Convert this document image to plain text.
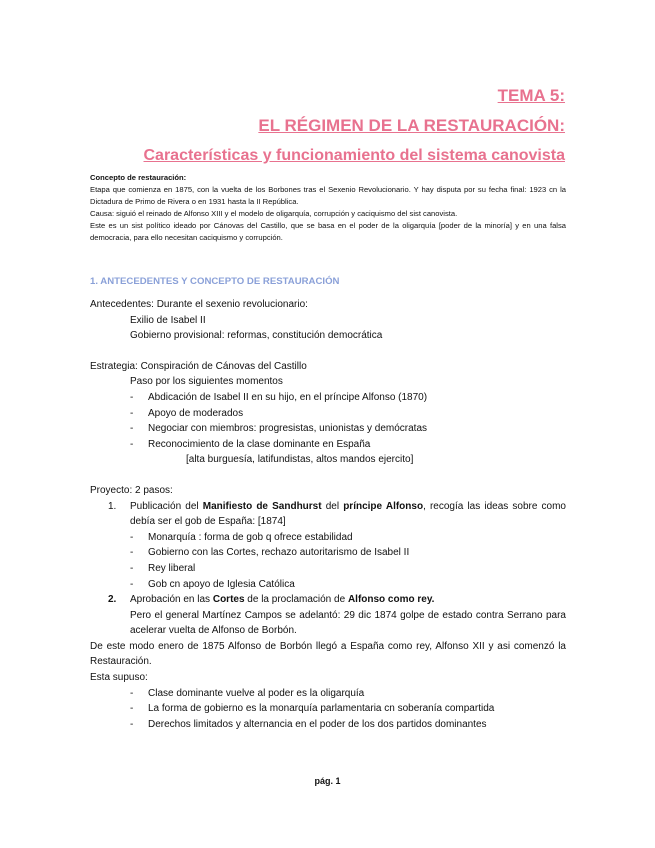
TEMA 5:
EL RÉGIMEN DE LA RESTAURACIÓN:
Características y funcionamiento del sistema canovista

Concepto de restauración:

Etapa que comienza en 1875, con la vuelta de los Borbones tras el Sexenio Revolucionario. Y hay disputa por su fecha final: 1923 cn la Dictadura de Primo de Rivera o en 1931 hasta la II República.

Causa: siguió el reinado de Alfonso XIII y el modelo de oligarquía, corrupción y caciquismo del sist canovista.

Este es un sist político ideado por Cánovas del Castillo, que se basa en el poder de la oligarquía [poder de la minoría] y en una falsa democracia, para ello necesitan caciquismo y corrupción.

1. ANTECEDENTES Y CONCEPTO DE RESTAURACIÓN

Antecedentes: Durante el sexenio revolucionario:

Exilio de Isabel II

Gobierno provisional: reformas, constitución democrática

Estrategia: Conspiración de Cánovas del Castillo

Paso por los siguientes momentos

- Abdicación de Isabel II en su hijo, en el príncipe Alfonso (1870)
- Apoyo de moderados
- Negociar con miembros: progresistas, unionistas y demócratas
- Reconocimiento de la clase dominante en España

[alta burguesía, latifundistas, altos mandos ejercito]

Proyecto: 2 pasos:

1. Publicación del Manifiesto de Sandhurst del príncipe Alfonso, recogía las ideas sobre como debía ser el gob de España: [1874]
- Monarquía : forma de gob q ofrece estabilidad
- Gobierno con las Cortes, rechazo autoritarismo de Isabel II
- Rey liberal
- Gob cn apoyo de Iglesia Católica
2. Aprobación en las Cortes de la proclamación de Alfonso como rey.
Pero el general Martínez Campos se adelantó: 29 dic 1874 golpe de estado contra Serrano para acelerar vuelta de Alfonso de Borbón.

De este modo enero de 1875 Alfonso de Borbón llegó a España como rey, Alfonso XII y asi comenzó la Restauración.

Esta supuso:

- Clase dominante vuelve al poder es la oligarquía
- La forma de gobierno es la monarquía parlamentaria cn soberanía compartida
- Derechos limitados y alternancia en el poder de los dos partidos dominantes
pág. 1
